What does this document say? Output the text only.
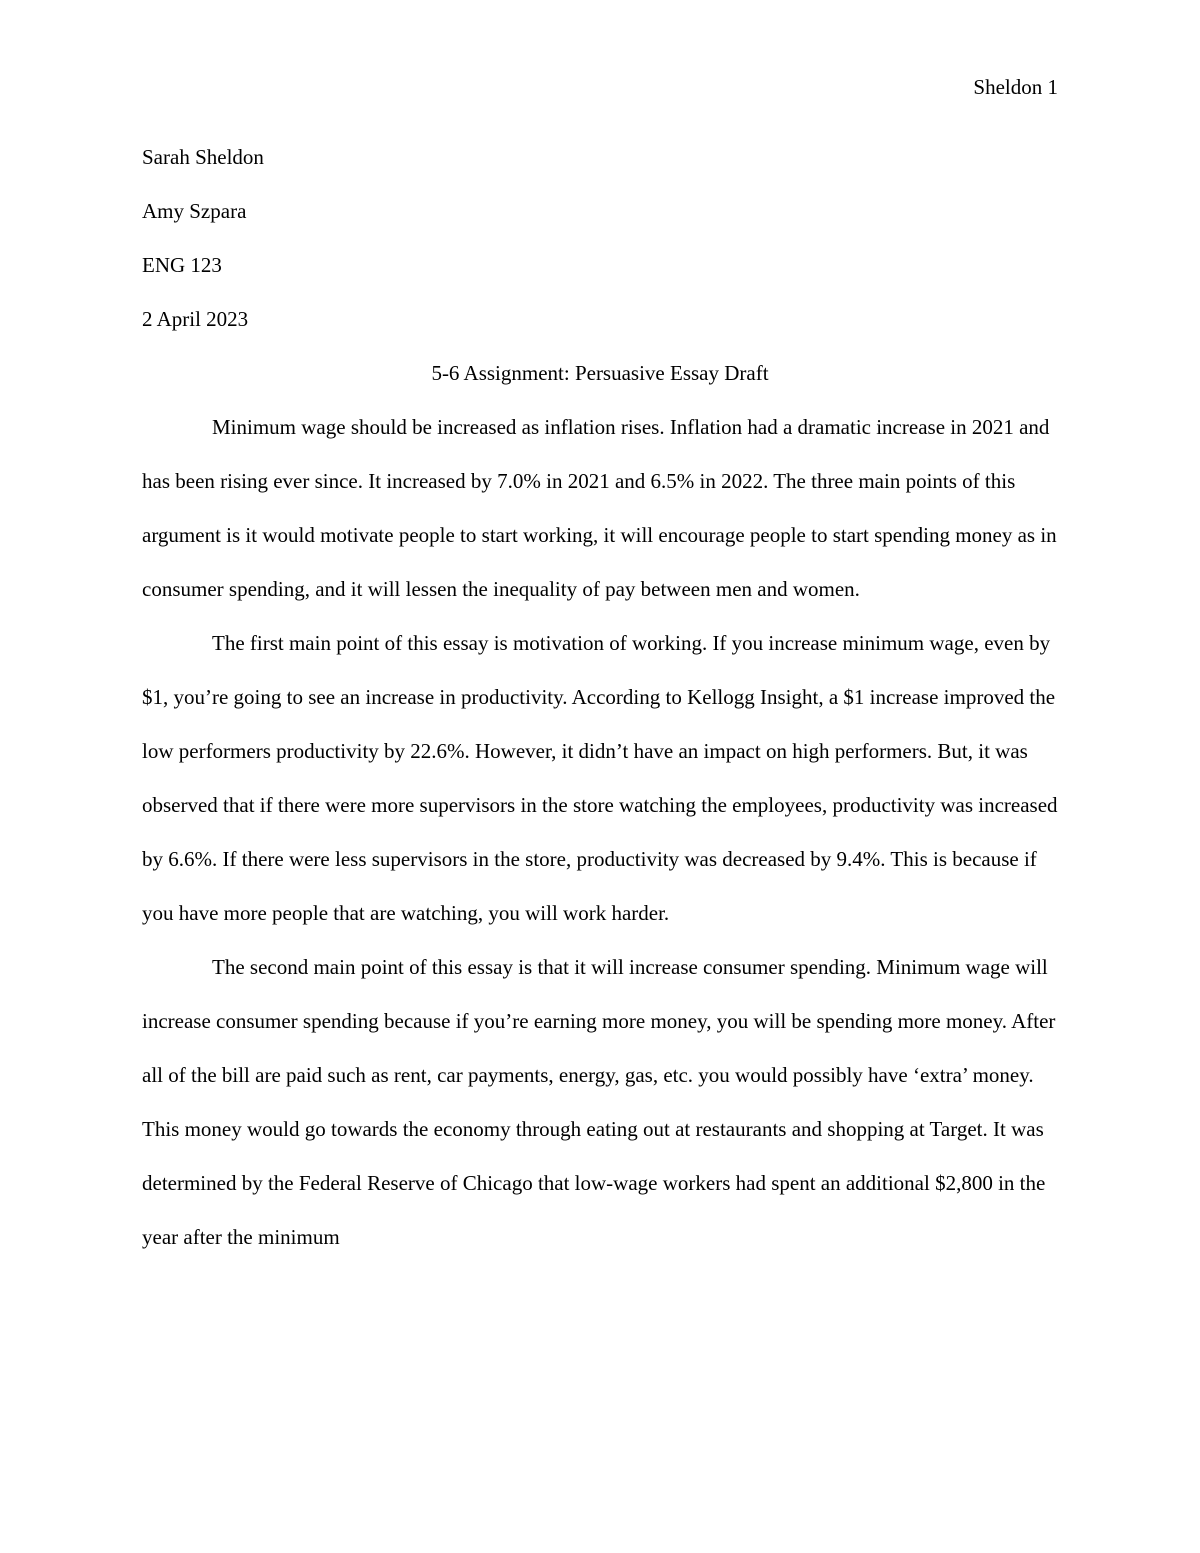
Sheldon 1

Sarah Sheldon

Amy Szpara

ENG 123

2 April 2023

5-6 Assignment: Persuasive Essay Draft

Minimum wage should be increased as inflation rises. Inflation had a dramatic increase in 2021 and has been rising ever since. It increased by 7.0% in 2021 and 6.5% in 2022. The three main points of this argument is it would motivate people to start working, it will encourage people to start spending money as in consumer spending, and it will lessen the inequality of pay between men and women.

The first main point of this essay is motivation of working. If you increase minimum wage, even by $1, you’re going to see an increase in productivity. According to Kellogg Insight, a $1 increase improved the low performers productivity by 22.6%. However, it didn’t have an impact on high performers. But, it was observed that if there were more supervisors in the store watching the employees, productivity was increased by 6.6%. If there were less supervisors in the store, productivity was decreased by 9.4%. This is because if you have more people that are watching, you will work harder.

The second main point of this essay is that it will increase consumer spending. Minimum wage will increase consumer spending because if you’re earning more money, you will be spending more money. After all of the bill are paid such as rent, car payments, energy, gas, etc. you would possibly have ‘extra’ money. This money would go towards the economy through eating out at restaurants and shopping at Target. It was determined by the Federal Reserve of Chicago that low-wage workers had spent an additional $2,800 in the year after the minimum
